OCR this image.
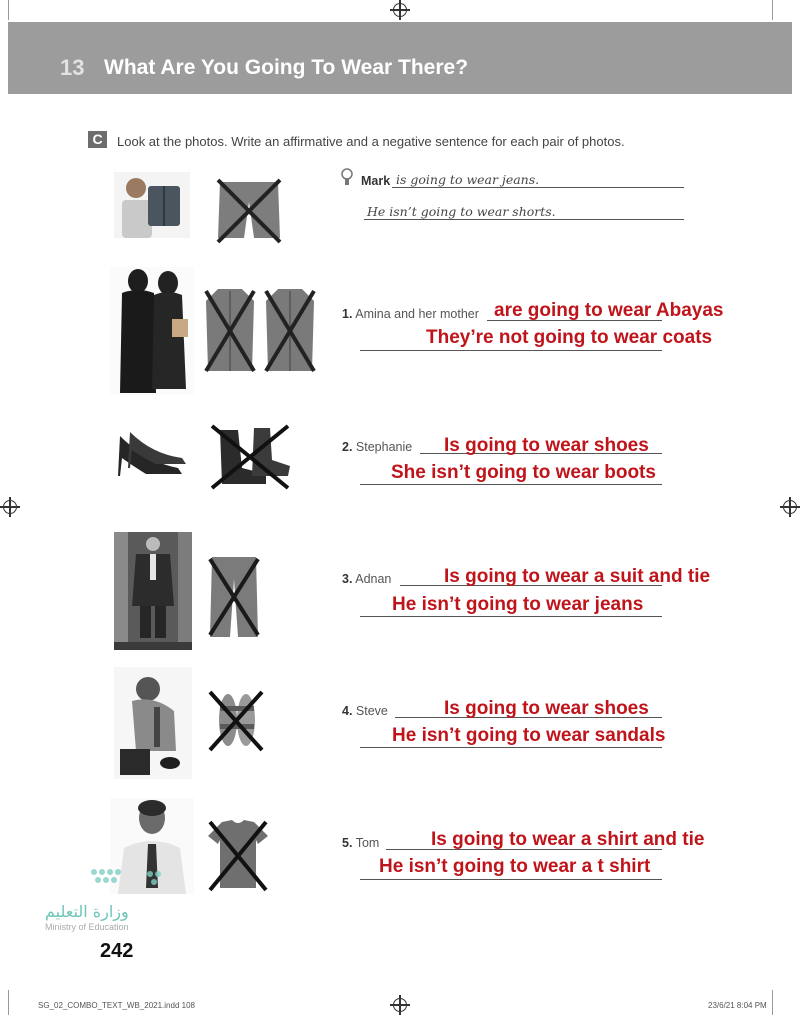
13 What Are You Going To Wear There?
C	Look at the photos. Write an affirmative and a negative sentence for each pair of photos.
Mark is going to wear jeans.
He isn’t going to wear shorts.
1. Amina and her mother are going to wear Abayas
They’re not going to wear coats
2. Stephanie Is going to wear shoes
She isn’t going to wear boots
3. Adnan	Is going to wear a suit and tie
He isn’t going to wear jeans
4. Steve	Is going to wear shoes
He isn’t going to wear sandals
5. Tom	Is going to wear a shirt and tie
He isn’t going to wear a t shirt
وزارة التعليم
Ministry of Education
242
SG_02_COMBO_TEXT_WB_2021.indd 108	23/6/21 8:04 PM
